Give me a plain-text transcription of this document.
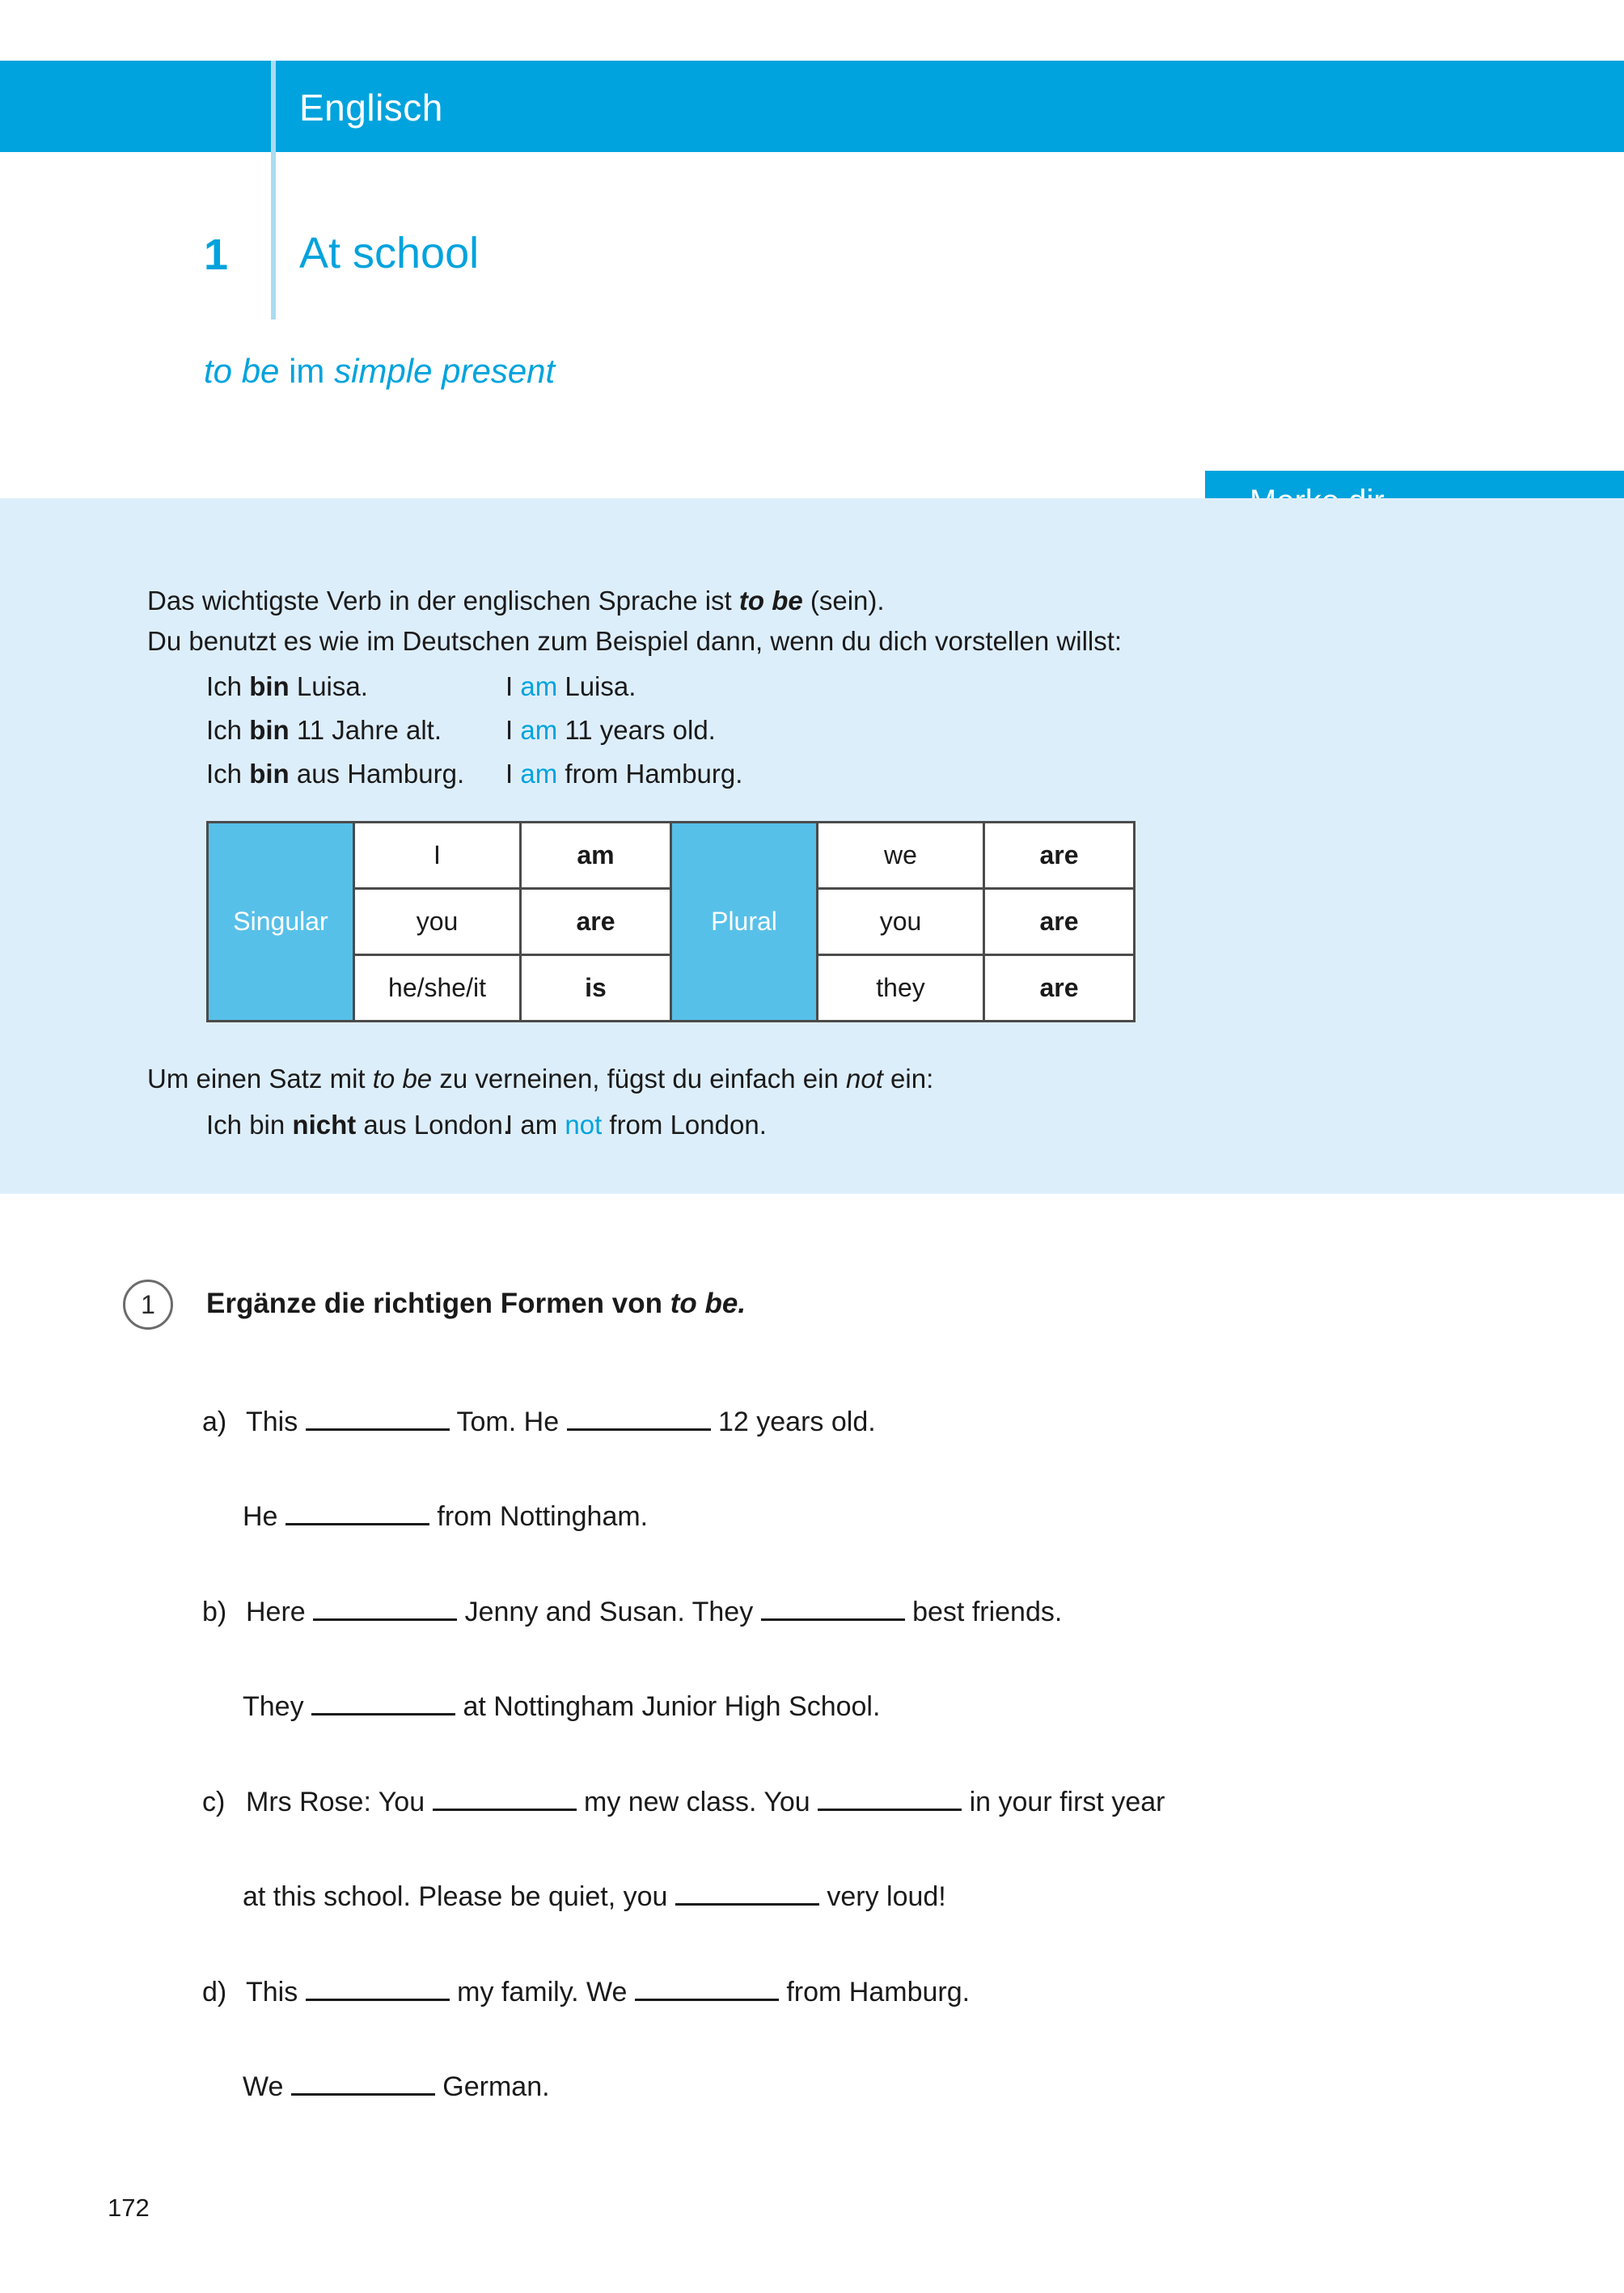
Englisch
1 At school
to be im simple present
Das wichtigste Verb in der englischen Sprache ist to be (sein).
Du benutzt es wie im Deutschen zum Beispiel dann, wenn du dich vorstellen willst:
Ich bin Luisa.	I am Luisa.
Ich bin 11 Jahre alt. I am 11 years old.
Ich bin aus Hamburg. I am from Hamburg.
Singular	I	am	Plural	we	are
	you	are		you	are
	he/she/it	is		they	are
Um einen Satz mit to be zu verneinen, fügst du einfach ein not ein:
Ich bin nicht aus London.I am not from London.
1	Ergänze die richtigen Formen von to be.
a) This	Tom. He	12 years old.
He	from Nottingham.
b) Here	Jenny and Susan. They	best friends.
They	at Nottingham Junior High School.
c) Mrs Rose: You	my new class. You	in your first year
at this school. Please be quiet, you	very loud!
d) This	my family. We	from Hamburg.
We	German.
172
